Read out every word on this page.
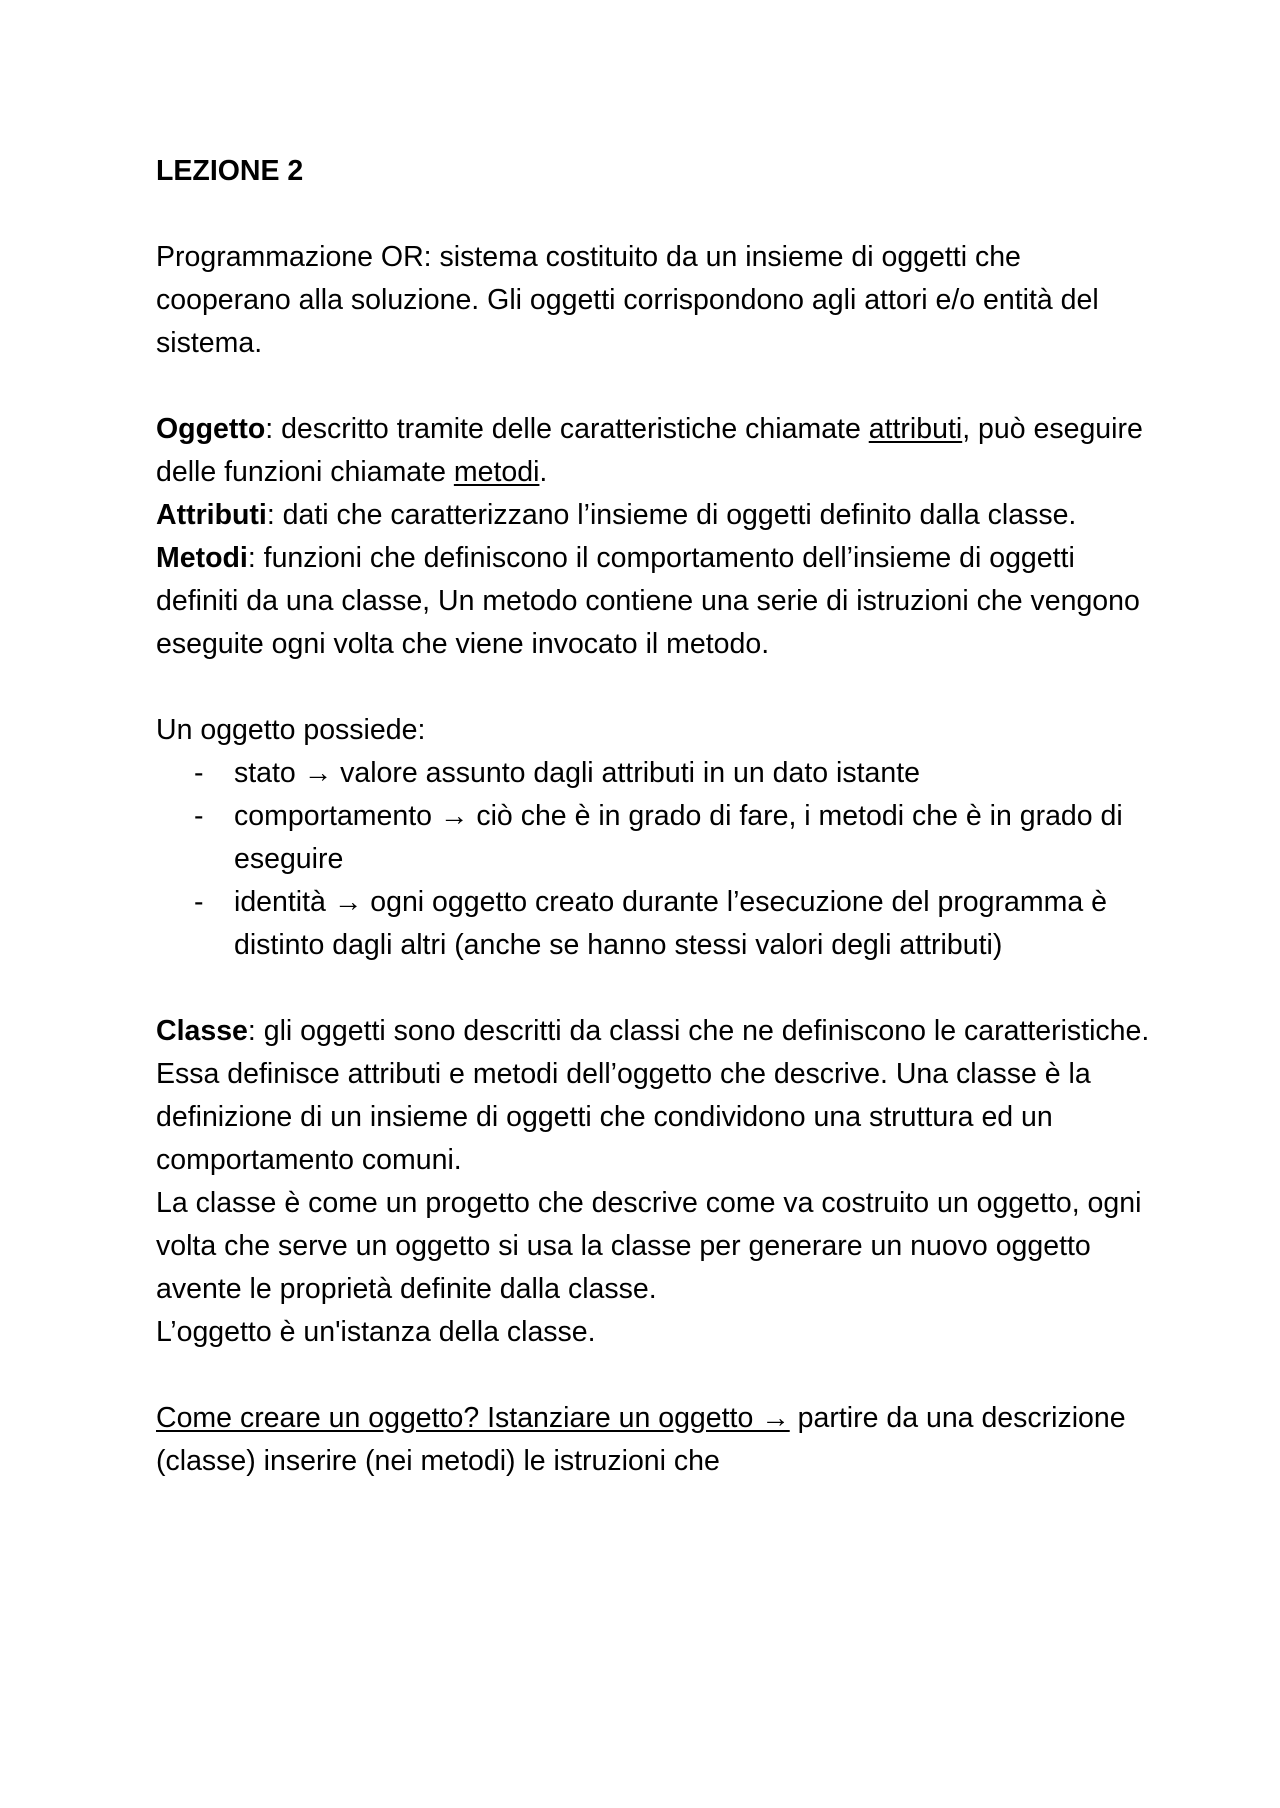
LEZIONE 2

Programmazione OR: sistema costituito da un insieme di oggetti che cooperano alla soluzione. Gli oggetti corrispondono agli attori e/o entità del sistema.

Oggetto: descritto tramite delle caratteristiche chiamate attributi, può eseguire delle funzioni chiamate metodi.

Attributi: dati che caratterizzano l’insieme di oggetti definito dalla classe.

Metodi: funzioni che definiscono il comportamento dell’insieme di oggetti definiti da una classe, Un metodo contiene una serie di istruzioni che vengono eseguite ogni volta che viene invocato il metodo.

Un oggetto possiede:

- stato → valore assunto dagli attributi in un dato istante
- comportamento → ciò che è in grado di fare, i metodi che è in grado di eseguire
- identità → ogni oggetto creato durante l’esecuzione del programma è distinto dagli altri (anche se hanno stessi valori degli attributi)

Classe: gli oggetti sono descritti da classi che ne definiscono le caratteristiche. Essa definisce attributi e metodi dell’oggetto che descrive. Una classe è la definizione di un insieme di oggetti che condividono una struttura ed un comportamento comuni.

La classe è come un progetto che descrive come va costruito un oggetto, ogni volta che serve un oggetto si usa la classe per generare un nuovo oggetto avente le proprietà definite dalla classe.

L’oggetto è un'istanza della classe.

Come creare un oggetto? Istanziare un oggetto → partire da una descrizione (classe) inserire (nei metodi) le istruzioni che
